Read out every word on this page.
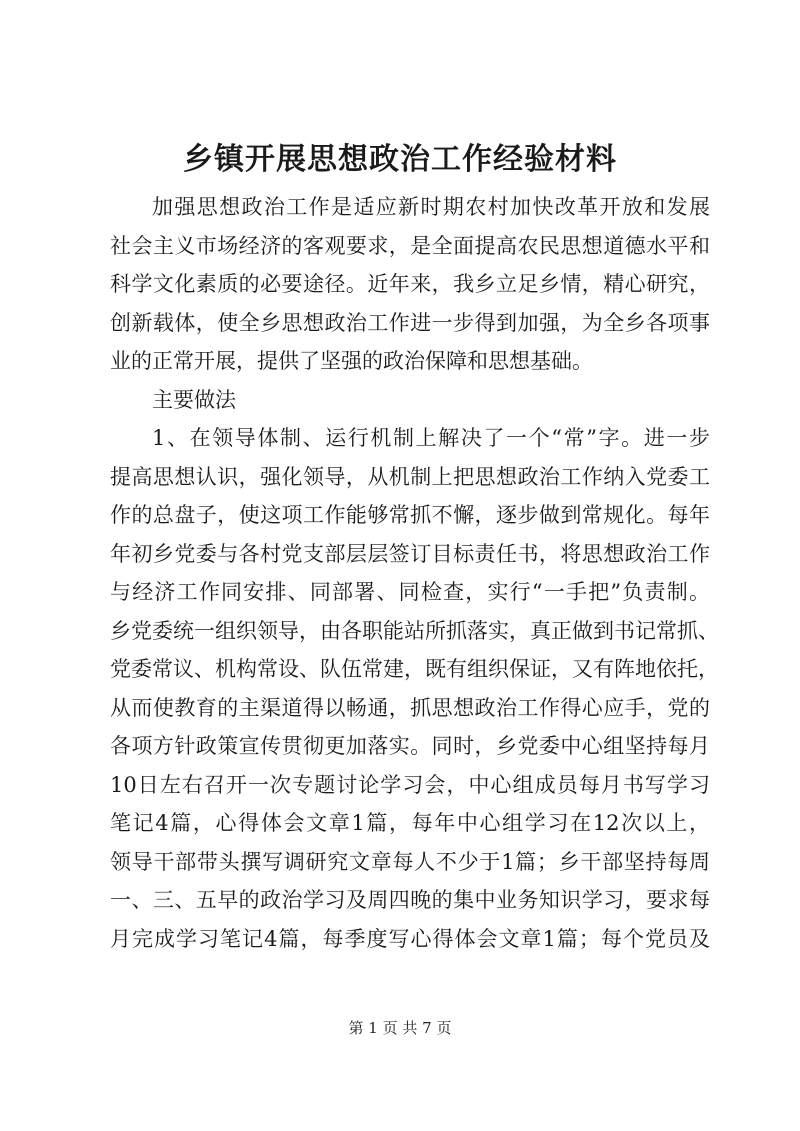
乡镇开展思想政治工作经验材料
加强思想政治工作是适应新时期农村加快改革开放和发展
社会主义市场经济的客观要求，是全面提高农民思想道德水平和
科学文化素质的必要途径。近年来，我乡立足乡情，精心研究，
创新载体，使全乡思想政治工作进一步得到加强，为全乡各项事
业的正常开展，提供了坚强的政治保障和思想基础。
主要做法
1、在领导体制、运行机制上解决了一个“常”字。进一步
提高思想认识，强化领导，从机制上把思想政治工作纳入党委工
作的总盘子，使这项工作能够常抓不懈，逐步做到常规化。每年
年初乡党委与各村党支部层层签订目标责任书，将思想政治工作
与经济工作同安排、同部署、同检查，实行“一手把”负责制。
乡党委统一组织领导，由各职能站所抓落实，真正做到书记常抓、
党委常议、机构常设、队伍常建，既有组织保证，又有阵地依托，
从而使教育的主渠道得以畅通，抓思想政治工作得心应手，党的
各项方针政策宣传贯彻更加落实。同时，乡党委中心组坚持每月
10日左右召开一次专题讨论学习会，中心组成员每月书写学习
笔记4篇，心得体会文章1篇，每年中心组学习在12次以上，
领导干部带头撰写调研究文章每人不少于1篇；乡干部坚持每周
一、三、五早的政治学习及周四晚的集中业务知识学习，要求每
月完成学习笔记4篇，每季度写心得体会文章1篇；每个党员及
第 1 页 共 7 页
